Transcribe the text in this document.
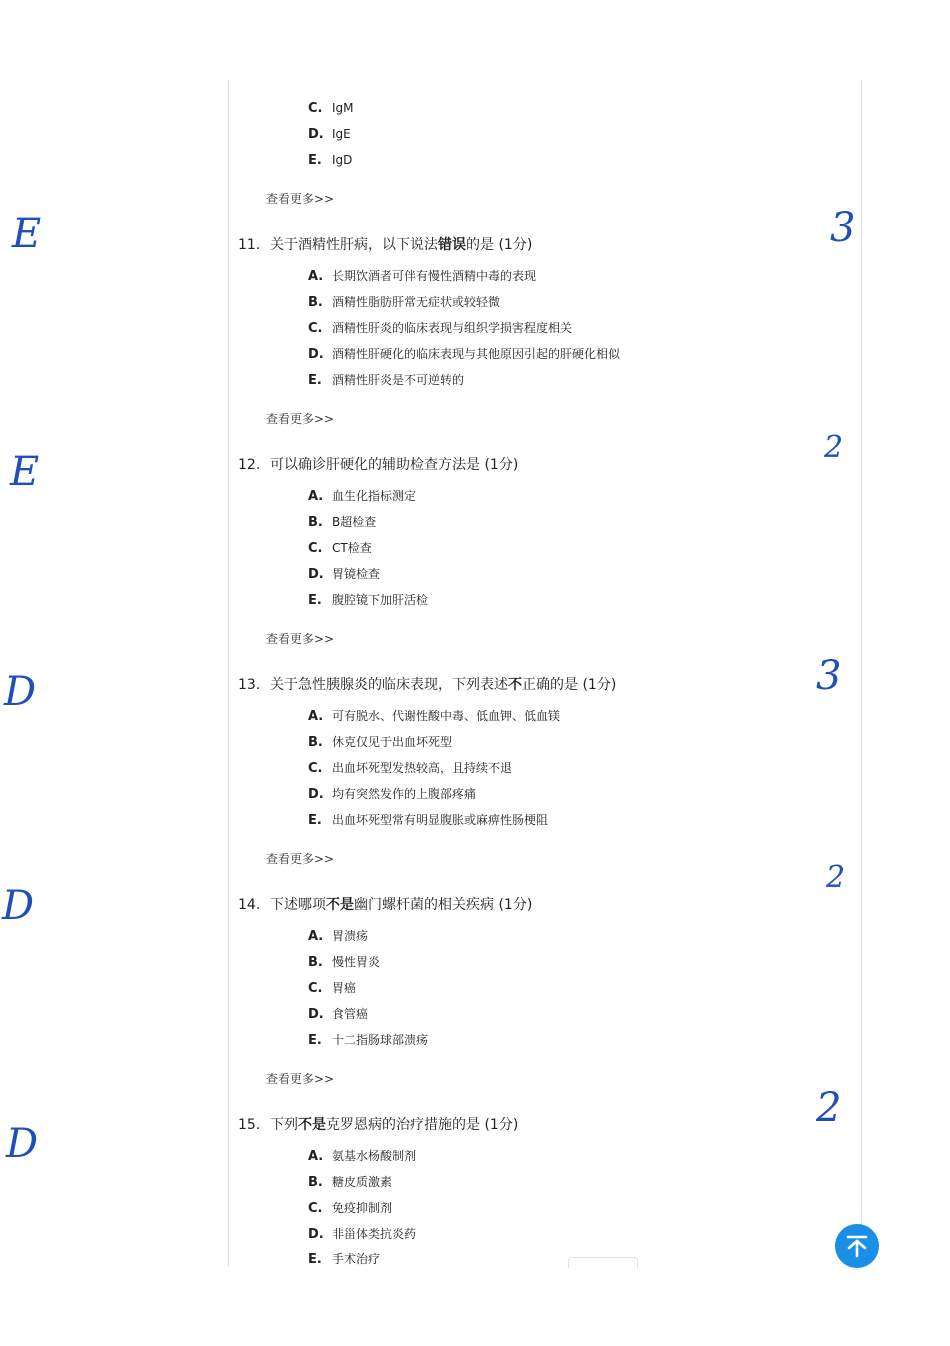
C. IgM
D. IgE
E. IgD
查看更多>>
11. 关于酒精性肝病，以下说法错误的是 (1分)
A. 长期饮酒者可伴有慢性酒精中毒的表现
B. 酒精性脂肪肝常无症状或较轻微
C. 酒精性肝炎的临床表现与组织学损害程度相关
D. 酒精性肝硬化的临床表现与其他原因引起的肝硬化相似
E. 酒精性肝炎是不可逆转的
查看更多>>
12. 可以确诊肝硬化的辅助检查方法是 (1分)
A. 血生化指标测定
B. B超检查
C. CT检查
D. 胃镜检查
E. 腹腔镜下加肝活检
查看更多>>
13. 关于急性胰腺炎的临床表现，下列表述不正确的是 (1分)
A. 可有脱水、代谢性酸中毒、低血钾、低血镁
B. 休克仅见于出血坏死型
C. 出血坏死型发热较高，且持续不退
D. 均有突然发作的上腹部疼痛
E. 出血坏死型常有明显腹胀或麻痹性肠梗阻
查看更多>>
14. 下述哪项不是幽门螺杆菌的相关疾病 (1分)
A. 胃溃疡
B. 慢性胃炎
C. 胃癌
D. 食管癌
E. 十二指肠球部溃疡
查看更多>>
15. 下列不是克罗恩病的治疗措施的是 (1分)
A. 氨基水杨酸制剂
B. 糖皮质激素
C. 免疫抑制剂
D. 非甾体类抗炎药
E. 手术治疗
E
E
D
D
D
3
2
3
2
2
